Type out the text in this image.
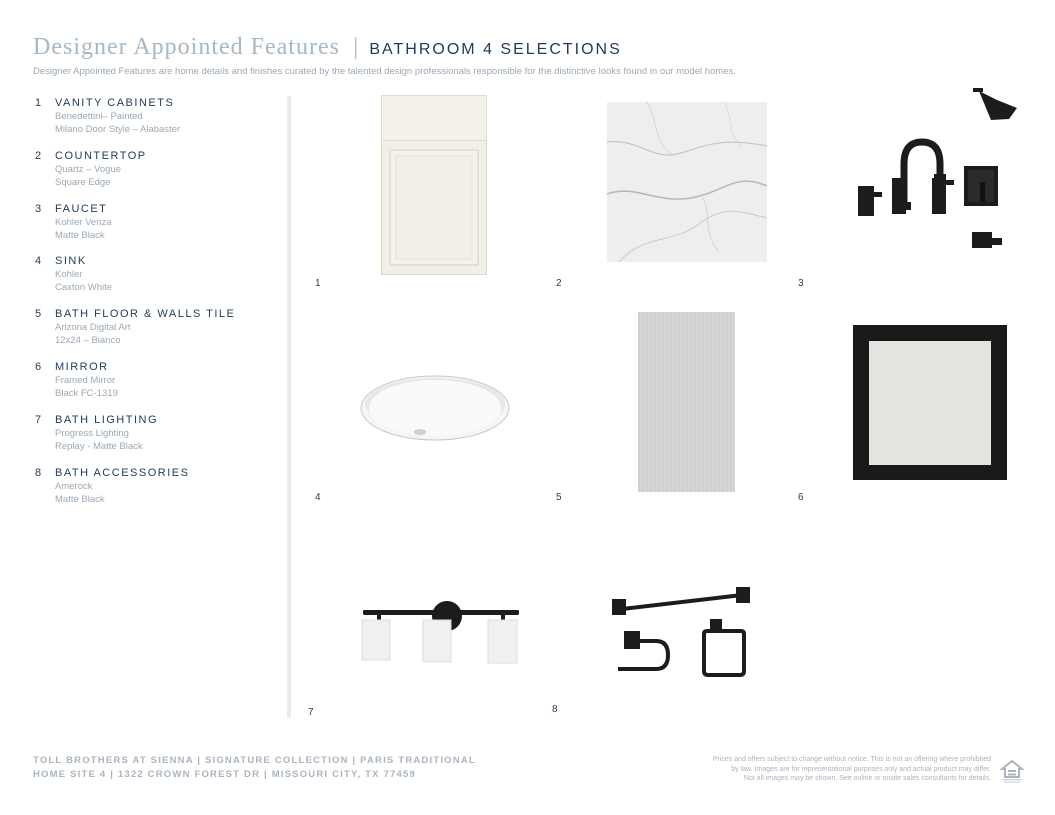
Designer Appointed Features | BATHROOM 4 SELECTIONS
Designer Appointed Features are home details and finishes curated by the talented design professionals responsible for the distinctive looks found in our model homes.
1 VANITY CABINETS
Benedettini– Painted
Milano Door Style – Alabaster
2 COUNTERTOP
Quartz – Vogue
Square Edge
3 FAUCET
Kohler Venza
Matte Black
4 SINK
Kohler
Caxton White
5 BATH FLOOR & WALLS TILE
Arizona Digital Art
12x24 – Bianco
6 MIRROR
Framed Mirror
Black FC-1319
7 BATH LIGHTING
Progress Lighting
Replay - Matte Black
8 BATH ACCESSORIES
Amerock
Matte Black
1	2	3
4	5	6
7	8
TOLL BROTHERS AT SIENNA | SIGNATURE COLLECTION | PARIS TRADITIONAL
HOME SITE 4 | 1322 CROWN FOREST DR | MISSOURI CITY, TX 77459
Prices and offers subject to change without notice. This is not an offering where prohibited
by law. Images are for representational purposes only and actual product may differ.
Not all images may be shown. See online or onsite sales consultants for details.
